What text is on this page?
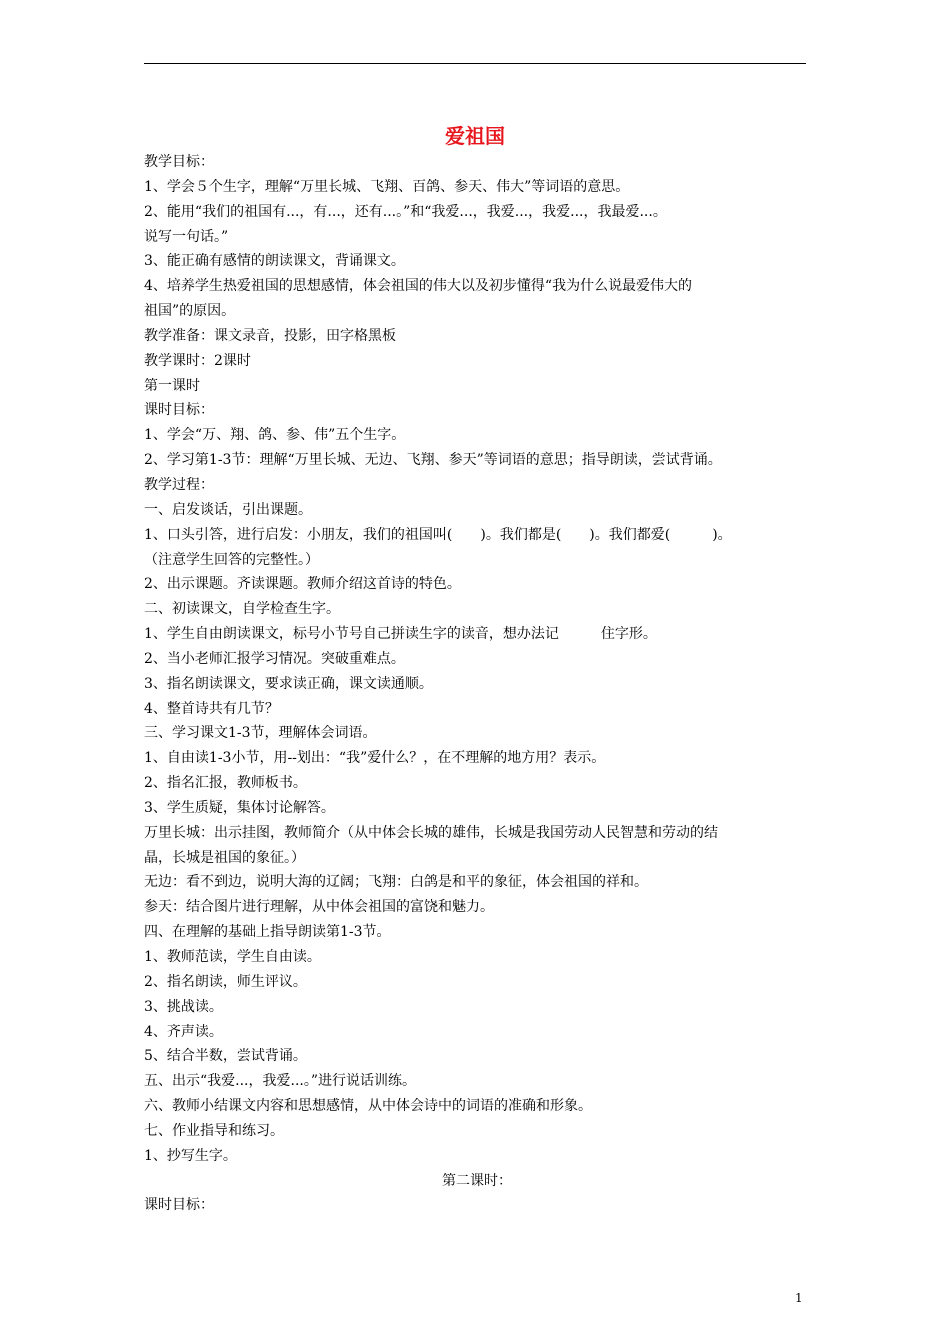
爱祖国
教学目标：
1、学会５个生字，理解“万里长城、飞翔、百鸽、参天、伟大”等词语的意思。
2、能用“我们的祖国有...，有...，还有...。”和“我爱...，我爱...，我爱...，我最爱...。
说写一句话。”
3、能正确有感情的朗读课文，背诵课文。
4、培养学生热爱祖国的思想感情，体会祖国的伟大以及初步懂得“我为什么说最爱伟大的
祖国”的原因。
教学准备：课文录音，投影，田字格黑板
教学课时：2课时
第一课时
课时目标：
1、学会“万、翔、鸽、参、伟”五个生字。
2、学习第1-3节：理解“万里长城、无边、飞翔、参天”等词语的意思；指导朗读，尝试背诵。
教学过程：
一、启发谈话，引出课题。
1、口头引答，进行启发：小朋友，我们的祖国叫(　　)。我们都是(　　)。我们都爱(　　　)。
（注意学生回答的完整性。）
2、出示课题。齐读课题。教师介绍这首诗的特色。
二、初读课文，自学检查生字。
1、学生自由朗读课文，标号小节号自己拼读生字的读音，想办法记　　　住字形。
2、当小老师汇报学习情况。突破重难点。
3、指名朗读课文，要求读正确，课文读通顺。
4、整首诗共有几节？
三、学习课文1-3节，理解体会词语。
1、自由读1-3小节，用--划出：“我”爱什么？，在不理解的地方用？表示。
2、指名汇报，教师板书。
3、学生质疑，集体讨论解答。
万里长城：出示挂图，教师简介（从中体会长城的雄伟，长城是我国劳动人民智慧和劳动的结
晶，长城是祖国的象征。）
无边：看不到边，说明大海的辽阔；飞翔：白鸽是和平的象征，体会祖国的祥和。
参天：结合图片进行理解，从中体会祖国的富饶和魅力。
四、在理解的基础上指导朗读第1-3节。
1、教师范读，学生自由读。
2、指名朗读，师生评议。
3、挑战读。
4、齐声读。
5、结合半数，尝试背诵。
五、出示“我爱...，我爱...。”进行说话训练。
六、教师小结课文内容和思想感情，从中体会诗中的词语的准确和形象。
七、作业指导和练习。
1、抄写生字。
第二课时：
课时目标：
1
